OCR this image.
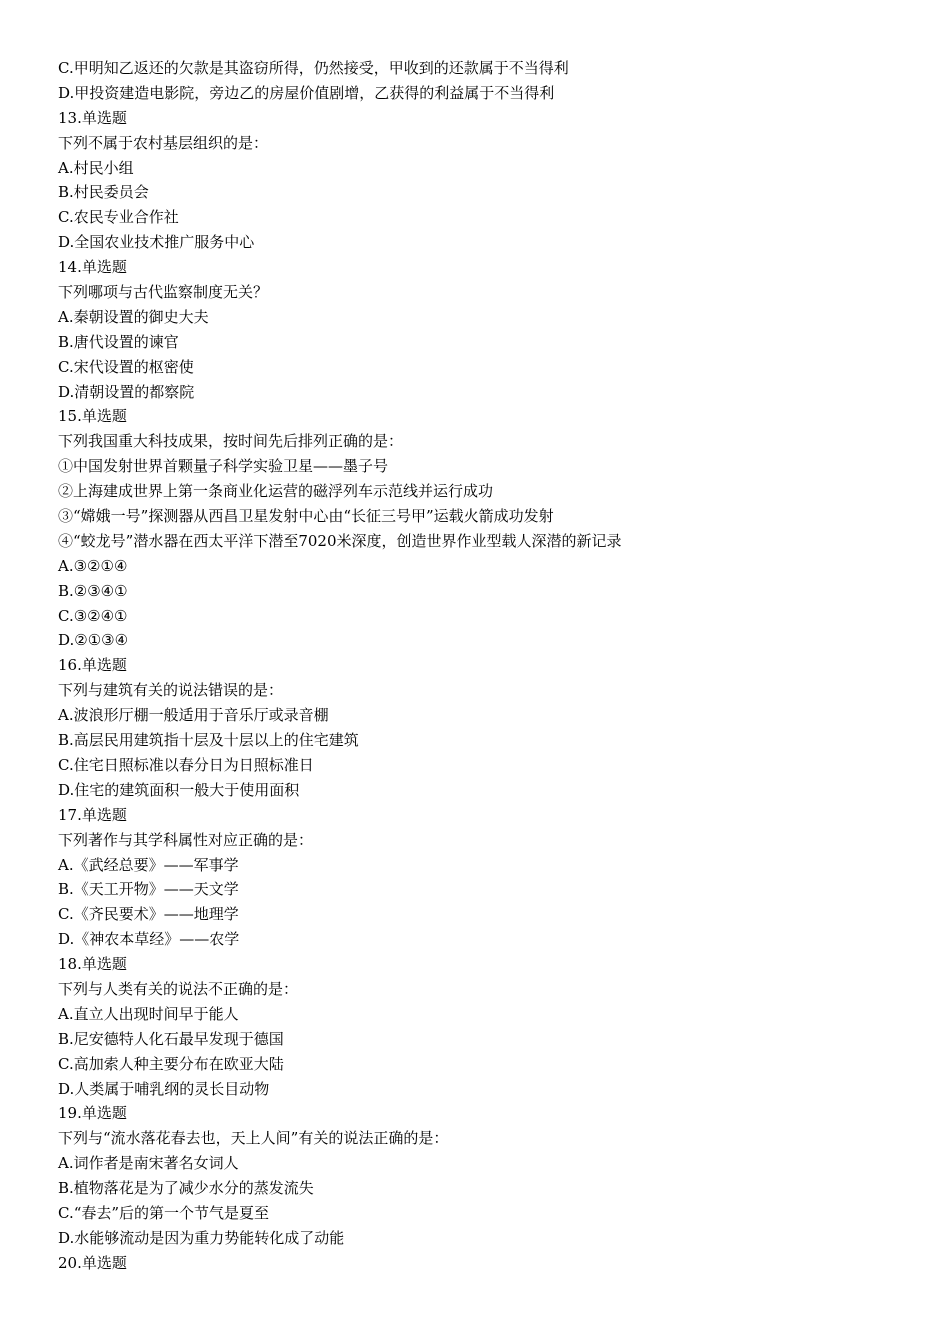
C.甲明知乙返还的欠款是其盗窃所得，仍然接受，甲收到的还款属于不当得利
D.甲投资建造电影院，旁边乙的房屋价值剧增，乙获得的利益属于不当得利
13.单选题
下列不属于农村基层组织的是：
A.村民小组
B.村民委员会
C.农民专业合作社
D.全国农业技术推广服务中心
14.单选题
下列哪项与古代监察制度无关？
A.秦朝设置的御史大夫
B.唐代设置的谏官
C.宋代设置的枢密使
D.清朝设置的都察院
15.单选题
下列我国重大科技成果，按时间先后排列正确的是：
①中国发射世界首颗量子科学实验卫星——墨子号
②上海建成世界上第一条商业化运营的磁浮列车示范线并运行成功
③“嫦娥一号”探测器从西昌卫星发射中心由“长征三号甲”运载火箭成功发射
④“蛟龙号”潜水器在西太平洋下潜至7020米深度，创造世界作业型载人深潜的新记录
A.③②①④
B.②③④①
C.③②④①
D.②①③④
16.单选题
下列与建筑有关的说法错误的是：
A.波浪形厅棚一般适用于音乐厅或录音棚
B.高层民用建筑指十层及十层以上的住宅建筑
C.住宅日照标准以春分日为日照标准日
D.住宅的建筑面积一般大于使用面积
17.单选题
下列著作与其学科属性对应正确的是：
A.《武经总要》——军事学
B.《天工开物》——天文学
C.《齐民要术》——地理学
D.《神农本草经》——农学
18.单选题
下列与人类有关的说法不正确的是：
A.直立人出现时间早于能人
B.尼安德特人化石最早发现于德国
C.高加索人种主要分布在欧亚大陆
D.人类属于哺乳纲的灵长目动物
19.单选题
下列与“流水落花春去也，天上人间”有关的说法正确的是：
A.词作者是南宋著名女词人
B.植物落花是为了减少水分的蒸发流失
C.“春去”后的第一个节气是夏至
D.水能够流动是因为重力势能转化成了动能
20.单选题
